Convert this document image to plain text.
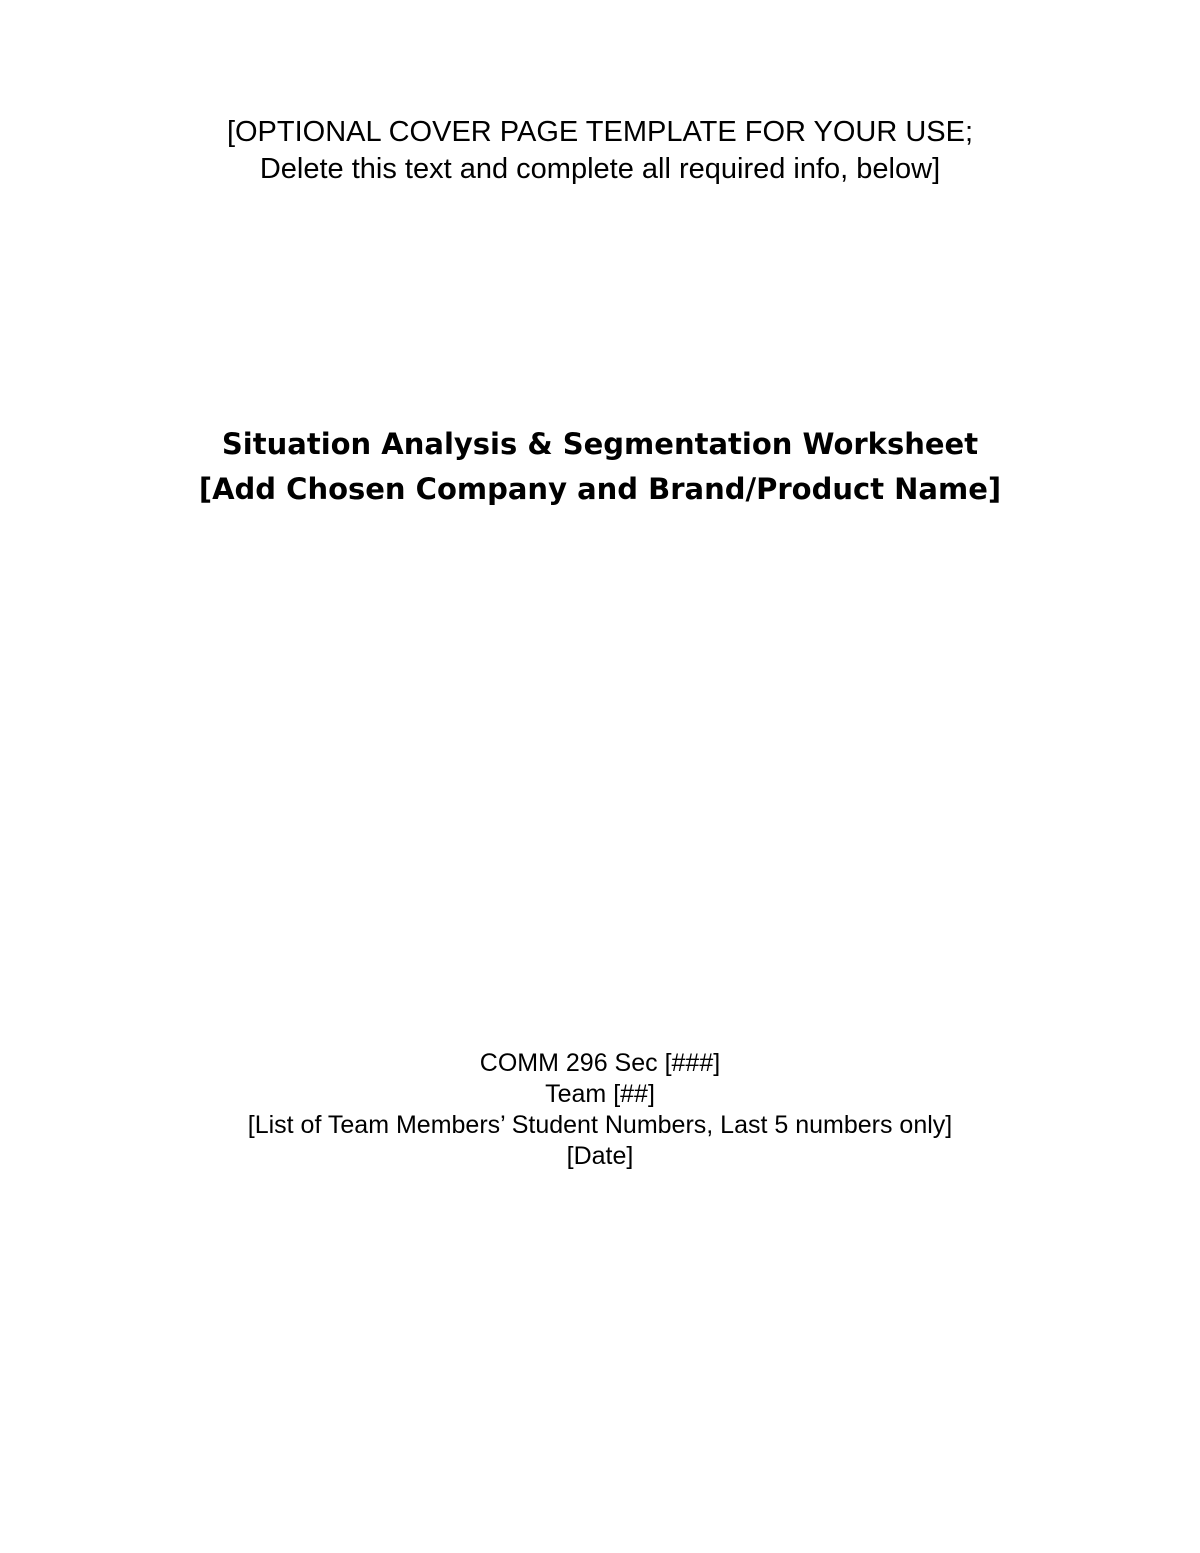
[OPTIONAL COVER PAGE TEMPLATE FOR YOUR USE;
Delete this text and complete all required info, below]
Situation Analysis & Segmentation Worksheet
[Add Chosen Company and Brand/Product Name]
COMM 296 Sec [###]
Team [##]
[List of Team Members’ Student Numbers, Last 5 numbers only]
[Date]
